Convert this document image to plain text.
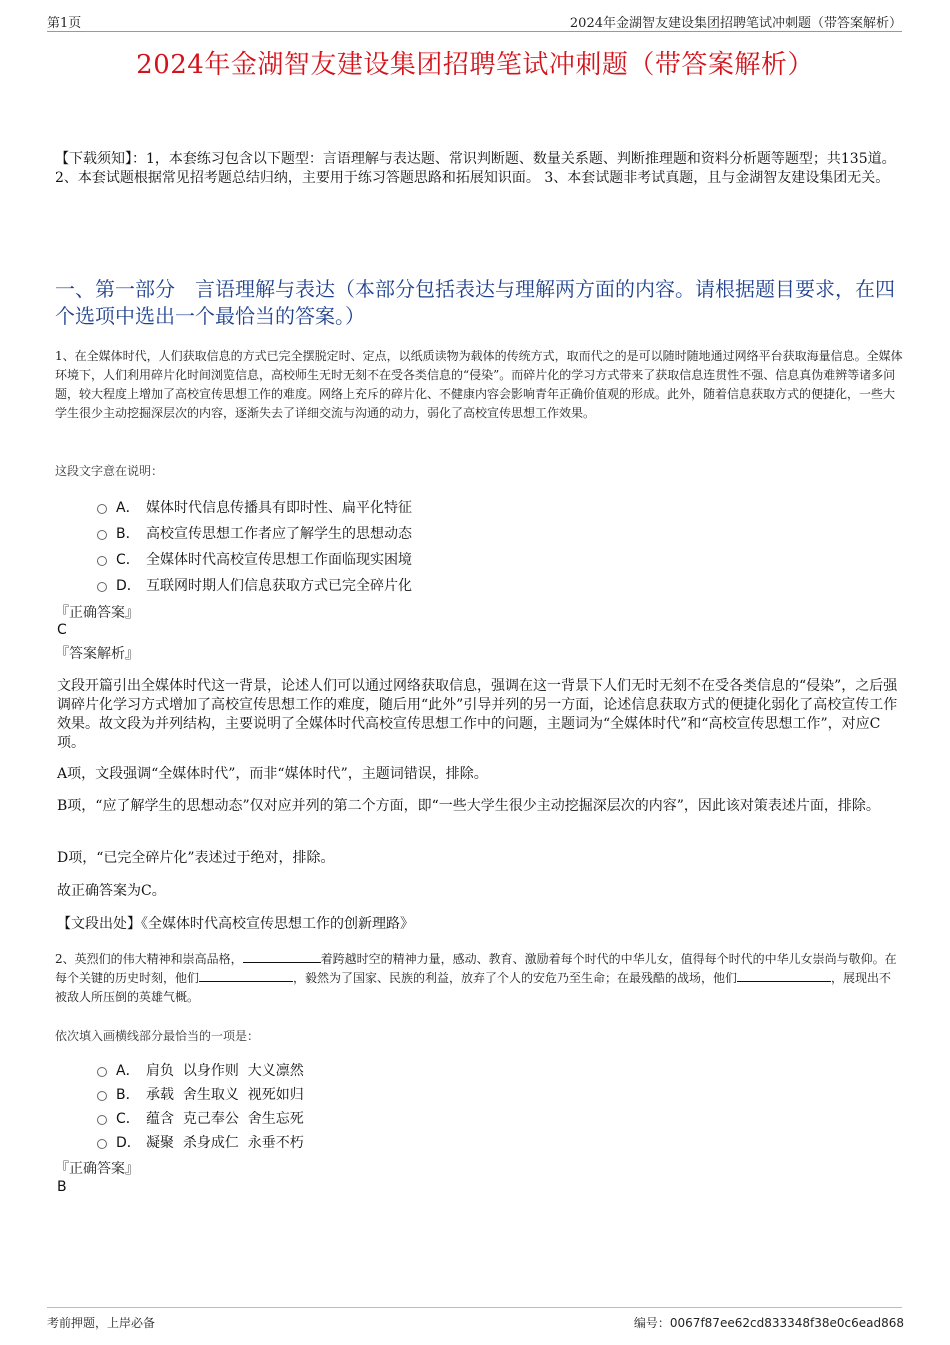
第1页	2024年金湖智友建设集团招聘笔试冲刺题（带答案解析）
2024年金湖智友建设集团招聘笔试冲刺题（带答案解析）
【下载须知】：1，本套练习包含以下题型：言语理解与表达题、常识判断题、数量关系题、判断推理题和资料分析题等题型；共135道。 2、本套试题根据常见招考题总结归纳，主要用于练习答题思路和拓展知识面。 3、本套试题非考试真题，且与金湖智友建设集团无关。
一、第一部分　言语理解与表达（本部分包括表达与理解两方面的内容。请根据题目要求，在四个选项中选出一个最恰当的答案。）
1、在全媒体时代，人们获取信息的方式已完全摆脱定时、定点，以纸质读物为载体的传统方式，取而代之的是可以随时随地通过网络平台获取海量信息。全媒体环境下，人们利用碎片化时间浏览信息，高校师生无时无刻不在受各类信息的“侵染”。而碎片化的学习方式带来了获取信息连贯性不强、信息真伪难辨等诸多问题，较大程度上增加了高校宣传思想工作的难度。网络上充斥的碎片化、不健康内容会影响青年正确价值观的形成。此外，随着信息获取方式的便捷化，一些大学生很少主动挖掘深层次的内容，逐渐失去了详细交流与沟通的动力，弱化了高校宣传思想工作效果。
这段文字意在说明：
A． 媒体时代信息传播具有即时性、扁平化特征
B． 高校宣传思想工作者应了解学生的思想动态
C． 全媒体时代高校宣传思想工作面临现实困境
D． 互联网时期人们信息获取方式已完全碎片化
『正确答案』
C
『答案解析』
文段开篇引出全媒体时代这一背景，论述人们可以通过网络获取信息，强调在这一背景下人们无时无刻不在受各类信息的“侵染”，之后强调碎片化学习方式增加了高校宣传思想工作的难度，随后用“此外”引导并列的另一方面，论述信息获取方式的便捷化弱化了高校宣传工作效果。故文段为并列结构，主要说明了全媒体时代高校宣传思想工作中的问题，主题词为“全媒体时代”和“高校宣传思想工作”，对应C项。
A项，文段强调“全媒体时代”，而非“媒体时代”，主题词错误，排除。
B项，“应了解学生的思想动态”仅对应并列的第二个方面，即“一些大学生很少主动挖掘深层次的内容”，因此该对策表述片面，排除。
D项，“已完全碎片化”表述过于绝对，排除。
故正确答案为C。
【文段出处】《全媒体时代高校宣传思想工作的创新理路》
2、英烈们的伟大精神和崇高品格，	着跨越时空的精神力量，感动、教育、激励着每个时代的中华儿女，值得每个时代的中华儿女崇尚与敬仰。在每个关键的历史时刻，他们	，毅然为了国家、民族的利益，放弃了个人的安危乃至生命；在最残酷的战场，他们	，展现出不被敌人所压倒的英雄气概。
依次填入画横线部分最恰当的一项是：
A． 肩负  以身作则  大义凛然
B． 承载  舍生取义  视死如归
C． 蕴含  克己奉公  舍生忘死
D． 凝聚  杀身成仁  永垂不朽
『正确答案』
B
考前押题，上岸必备	编号：0067f87ee62cd833348f38e0c6ead868
